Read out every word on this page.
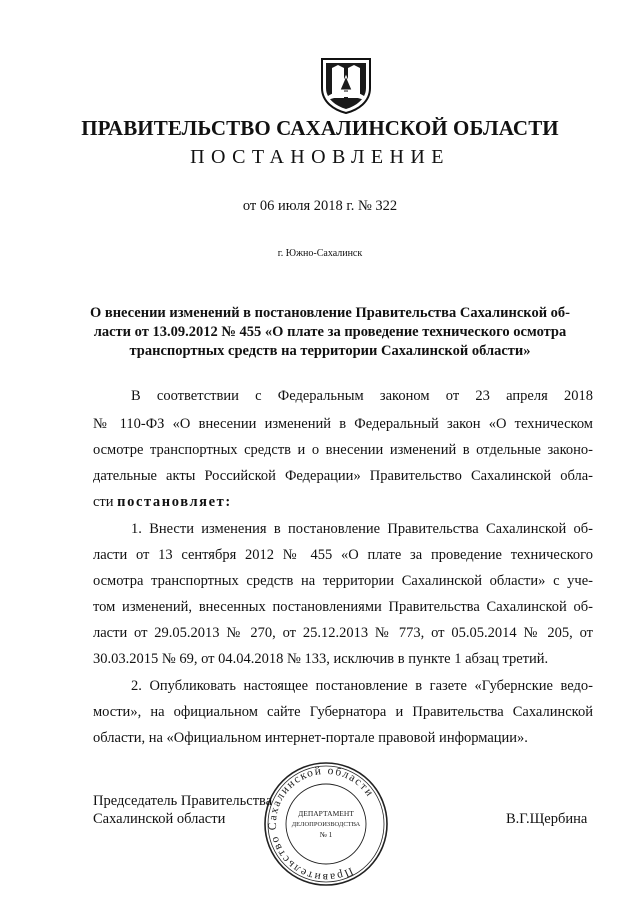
ПРАВИТЕЛЬСТВО САХАЛИНСКОЙ ОБЛАСТИ
ПОСТАНОВЛЕНИЕ
от 06 июля 2018 г. № 322
г. Южно-Сахалинск
О внесении изменений в постановление Правительства Сахалинской об-
ласти от 13.09.2012 № 455 «О плате за проведение технического осмотра
транспортных средств на территории Сахалинской области»
В соответствии с Федеральным законом от 23 апреля 2018
№ 110-ФЗ «О внесении изменений в Федеральный закон «О техническом
осмотре транспортных средств и о внесении изменений в отдельные законо-
дательные акты Российской Федерации» Правительство Сахалинской обла-
сти постановляет:
1. Внести изменения в постановление Правительства Сахалинской об-
ласти от 13 сентября 2012 № 455 «О плате за проведение технического
осмотра транспортных средств на территории Сахалинской области» с уче-
том изменений, внесенных постановлениями Правительства Сахалинской об-
ласти от 29.05.2013 № 270, от 25.12.2013 № 773, от 05.05.2014 № 205, от
30.03.2015 № 69, от 04.04.2018 № 133, исключив в пункте 1 абзац третий.
2. Опубликовать настоящее постановление в газете «Губернские ведо-
мости», на официальном сайте Губернатора и Правительства Сахалинской
области, на «Официальном интернет-портале правовой информации».
Правительство Сахалинской области
ДЕПАРТАМЕНТ
ДЕЛОПРОИЗВОДСТВА
№ 1
Председатель Правительства
Сахалинской области	В.Г.Щербина
